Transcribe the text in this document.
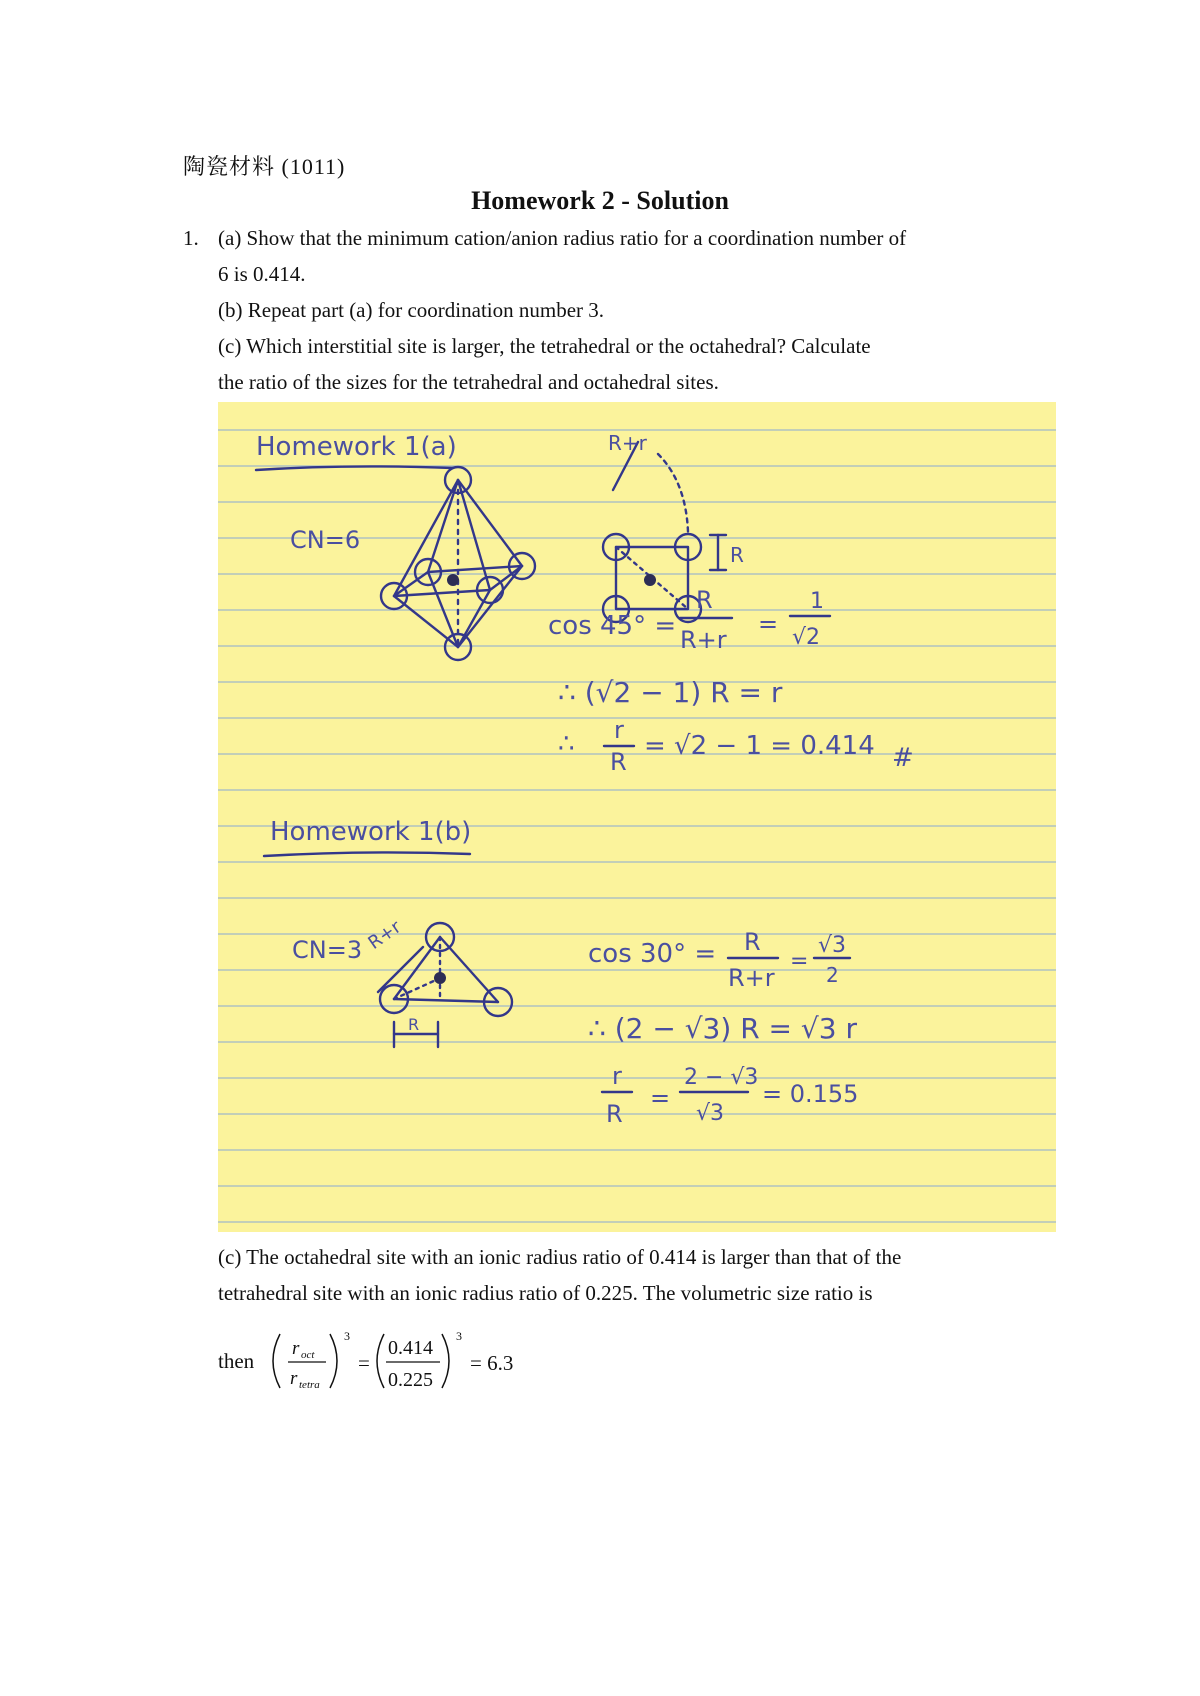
陶瓷材料 (1011)
Homework 2 - Solution
1. (a) Show that the minimum cation/anion radius ratio for a coordination number of
6 is 0.414.
(b) Repeat part (a) for coordination number 3.
(c) Which interstitial site is larger, the tetrahedral or the octahedral? Calculate
the ratio of the sizes for the tetrahedral and octahedral sites.
Homework 1(a)
CN=6
R+r
R
cos 45° =
R
R+r
=
1
√2
∴ (√2 − 1) R = r
∴ r
R
= √2 − 1 = 0.414 #
Homework 1(b)
CN=3 R+r
R
cos 30° = R
R+r
=
√3
2
∴ (2 − √3) R = √3 r
r
R
=
2 − √3
√3
= 0.155
(c) The octahedral site with an ionic radius ratio of 0.414 is larger than that of the
tetrahedral site with an ionic radius ratio of 0.225. The volumetric size ratio is
then
r oct
r tetra
3
=
0.414
0.225
3
= 6.3
